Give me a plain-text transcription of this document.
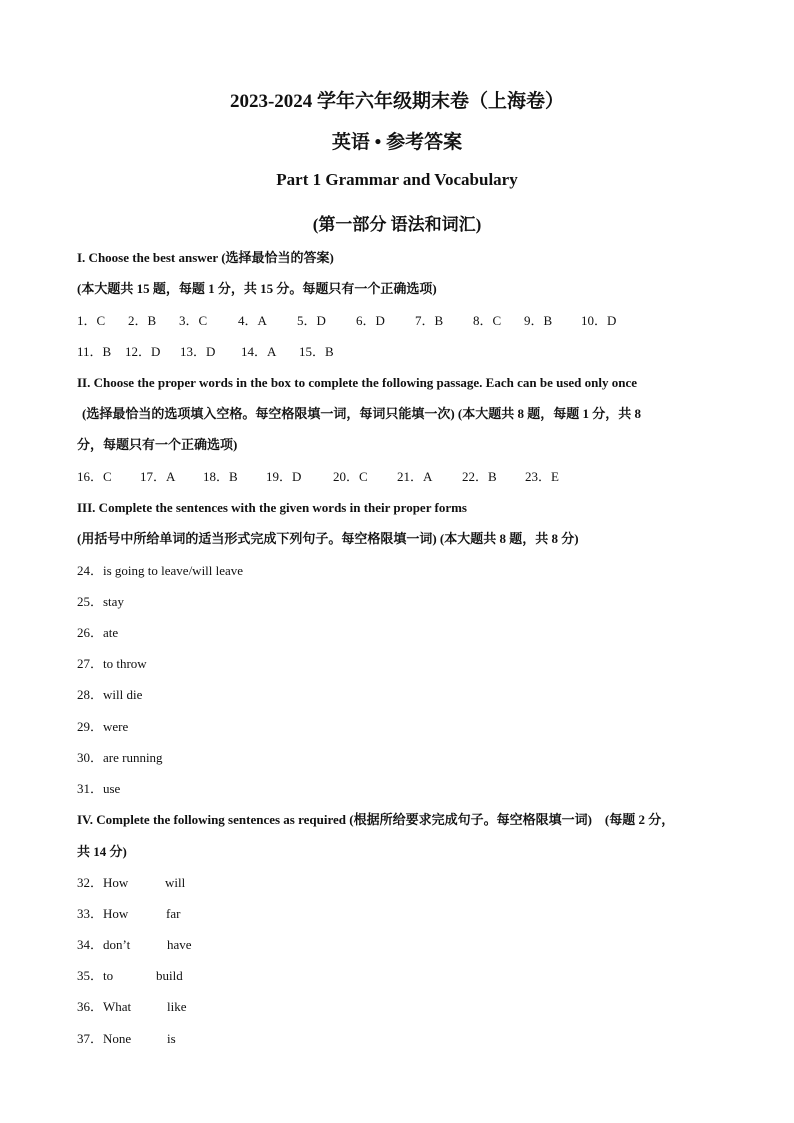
2023-2024 学年六年级期末卷（上海卷）
英语 • 参考答案
Part 1 Grammar and Vocabulary
(第一部分 语法和词汇)
I. Choose the best answer (选择最恰当的答案)
(本大题共 15 题，每题 1 分，共 15 分。每题只有一个正确选项)
1．C 2．B 3．C 4．A 5．D 6．D 7．B 8．C 9．B 10．D
11．B 12．D 13．D 14．A 15．B
II. Choose the proper words in the box to complete the following passage. Each can be used only once
(选择最恰当的选项填入空格。每空格限填一词，每词只能填一次) (本大题共 8 题，每题 1 分，共 8
分，每题只有一个正确选项)
16．C 17．A 18．B 19．D 20．C 21．A 22．B 23．E
III. Complete the sentences with the given words in their proper forms
(用括号中所给单词的适当形式完成下列句子。每空格限填一词) (本大题共 8 题，共 8 分)
24．is going to leave/will leave
25．stay
26．ate
27．to throw
28．will die
29．were
30．are running
31．use
IV. Complete the following sentences as required (根据所给要求完成句子。每空格限填一词)　(每题 2 分，
共 14 分)
32．How	will
33．How	far
34．don’t	have
35．to	build
36．What	like
37．None	is
